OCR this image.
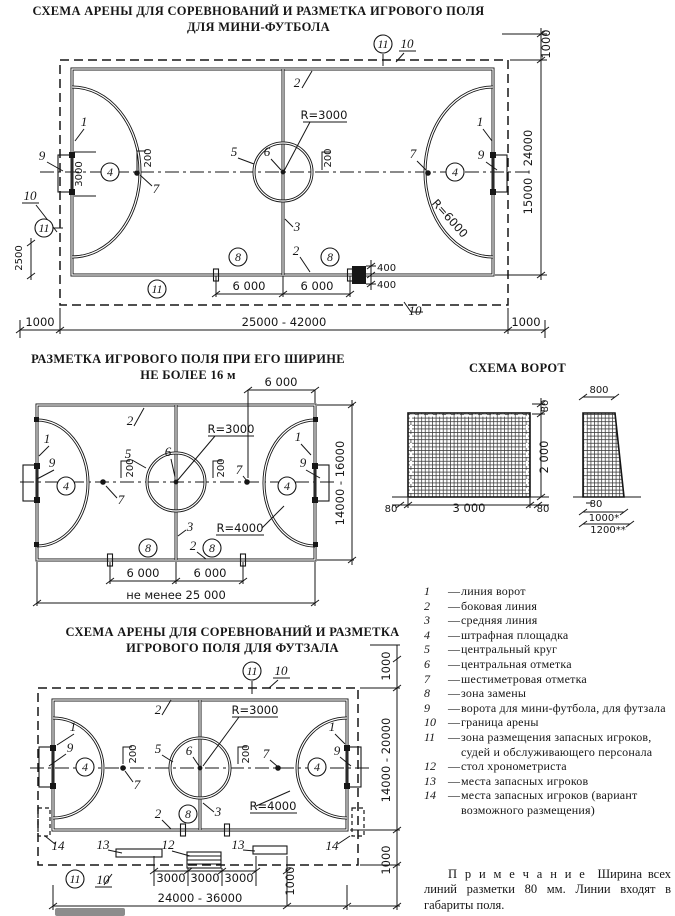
СХЕМА АРЕНЫ ДЛЯ СОРЕВНОВАНИЙ И РАЗМЕТКА ИГРОВОГО ПОЛЯ
ДЛЯ МИНИ-ФУТБОЛА
РАЗМЕТКА ИГРОВОГО ПОЛЯ ПРИ ЕГО ШИРИНЕ
НЕ БОЛЕЕ 16 м	СХЕМА ВОРОТ
СХЕМА АРЕНЫ ДЛЯ СОРЕВНОВАНИЙ И РАЗМЕТКА
ИГРОВОГО ПОЛЯ ДЛЯ ФУТЗАЛА
3000
6 000	6 000
400
400
11 10
2
1
9
4
200
7
5 6
R=3000
200
3
1
9
4
7
R=6000
2
8	8
11
10
11
2500
1000	25000 - 42000	1000
10
1000
15000 - 24000
6 000
2
R=3000
1	1
9	9
4	4
5	6
200
7
200 7
R=4000
3
2
8	8
6 000	6 000
не менее 25 000
14000 - 16000
80
2 000
80	3 000	80
800
80
1000*
1200**
11 10
2	R=3000
1	1
9	9
4	4
5 6
200
7
200 7
R=4000
3
8
2
14	14
13	12	13
3000 3000 3000	1000
11 10
24000 - 36000
1000
14000 - 20000
1000
1	— линия ворот
2	— боковая линия
3	— средняя линия
4	— штрафная площадка
5	— центральный круг
6	— центральная отметка
7	— шестиметровая отметка
8	— зона замены
9	— ворота для мини-футбола, для футзала
10	— граница арены
11	— зона размещения запасных игроков, судей и обслуживающего персонала
12	— стол хронометриста
13	— места запасных игроков
14	— места запасных игроков (вариант возможного размещения)

П р и м е ч а н и е Ширина всех линий разметки 80 мм. Линии входят в габариты поля.
